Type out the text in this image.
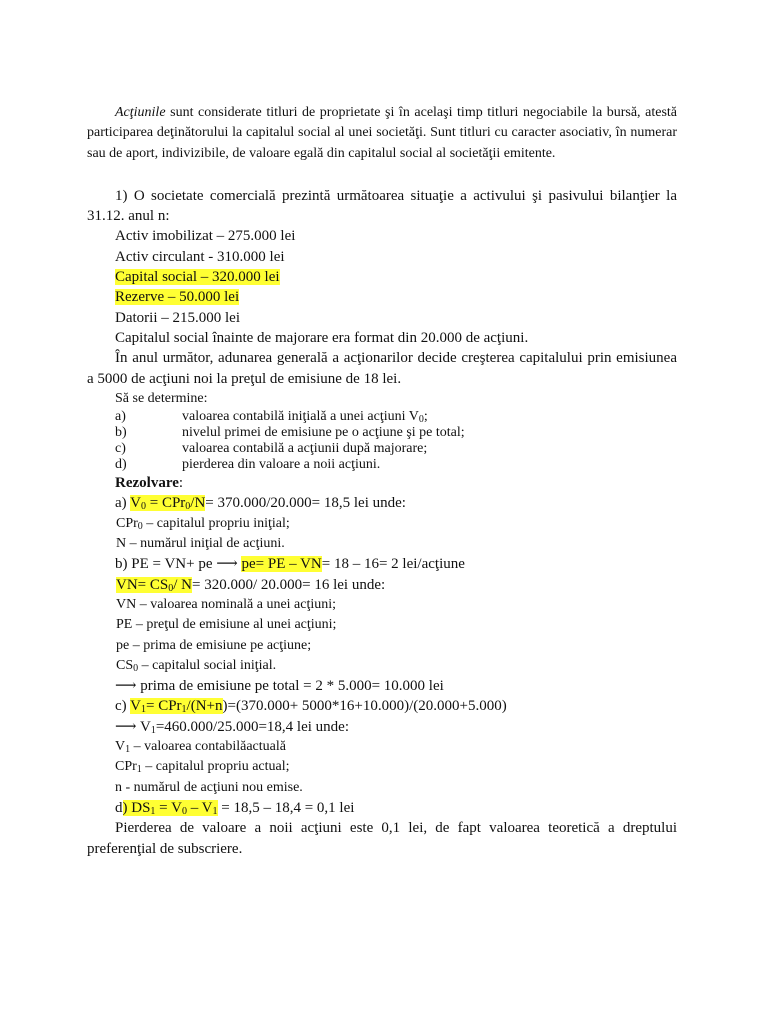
Acţiunile sunt considerate titluri de proprietate şi în acelaşi timp titluri negociabile la bursă, atestă participarea deţinătorului la capitalul social al unei societăţi. Sunt titluri cu caracter asociativ, în numerar sau de aport, indivizibile, de valoare egală din capitalul social al societăţii emitente.

1) O societate comercială prezintă următoarea situaţie a activului şi pasivului bilanţier la 31.12. anul n:

Activ imobilizat – 275.000 lei

Activ circulant - 310.000 lei

Capital social – 320.000 lei

Rezerve – 50.000 lei

Datorii – 215.000 lei

Capitalul social înainte de majorare era format din 20.000 de acţiuni.

În anul următor, adunarea generală a acţionarilor decide creşterea capitalului prin emisiunea a 5000 de acţiuni noi la preţul de emisiune de 18 lei.

Să se determine:

a)	valoarea contabilă iniţială a unei acţiuni $V_0$;
b)	nivelul primei de emisiune pe o acţiune şi pe total;
c)	valoarea contabilă a acţiunii după majorare;
d)	pierderea din valoare a noii acţiuni.

Rezolvare:

a) $V_0 = CPr_0/N= 370.000/20.000= 18,5$ lei unde:

CPr$_0$ – capitalul propriu iniţial;

N – numărul iniţial de acţiuni.

b) PE = VN+ pe ⟶ pe= PE – VN= 18 – 16= 2 lei/acţiune

$VN= CS_0/$ N= 320.000/ 20.000= 16 lei unde:

VN – valoarea nominală a unei acţiuni;

PE – preţul de emisiune al unei acţiuni;

pe – prima de emisiune pe acţiune;

$CS_0$ – capitalul social iniţial.

⟶ prima de emisiune pe total = 2 * 5.000= 10.000 lei

c) $V_1= CPr_1/(N+n)=(370.000+ 5000*16+10.000)/(20.000+5.000)$

⟶ $V_1=460.000/25.000=18,4$ lei unde:

$V_1$ – valoarea contabilăactuală

CPr$_1$ – capitalul propriu actual;

n - numărul de acţiuni nou emise.

d) $DS_1 = V_0 - V_1 = 18,5 - 18,4 = 0,1$ lei

Pierderea de valoare a noii acţiuni este 0,1 lei, de fapt valoarea teoretică a dreptului preferenţial de subscriere.
